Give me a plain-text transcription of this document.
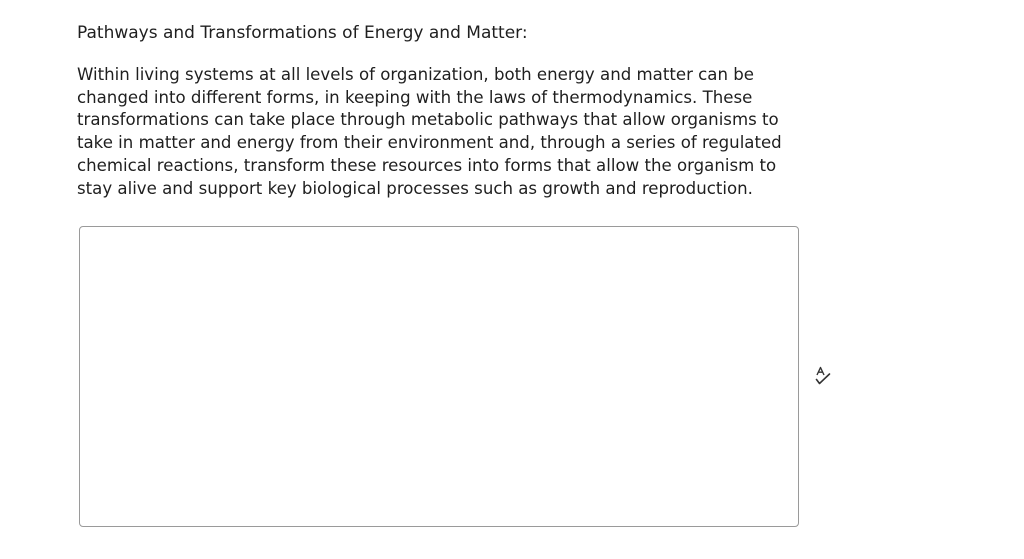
Pathways and Transformations of Energy and Matter:
Within living systems at all levels of organization, both energy and matter can be
changed into different forms, in keeping with the laws of thermodynamics. These
transformations can take place through metabolic pathways that allow organisms to
take in matter and energy from their environment and, through a series of regulated
chemical reactions, transform these resources into forms that allow the organism to
stay alive and support key biological processes such as growth and reproduction.
